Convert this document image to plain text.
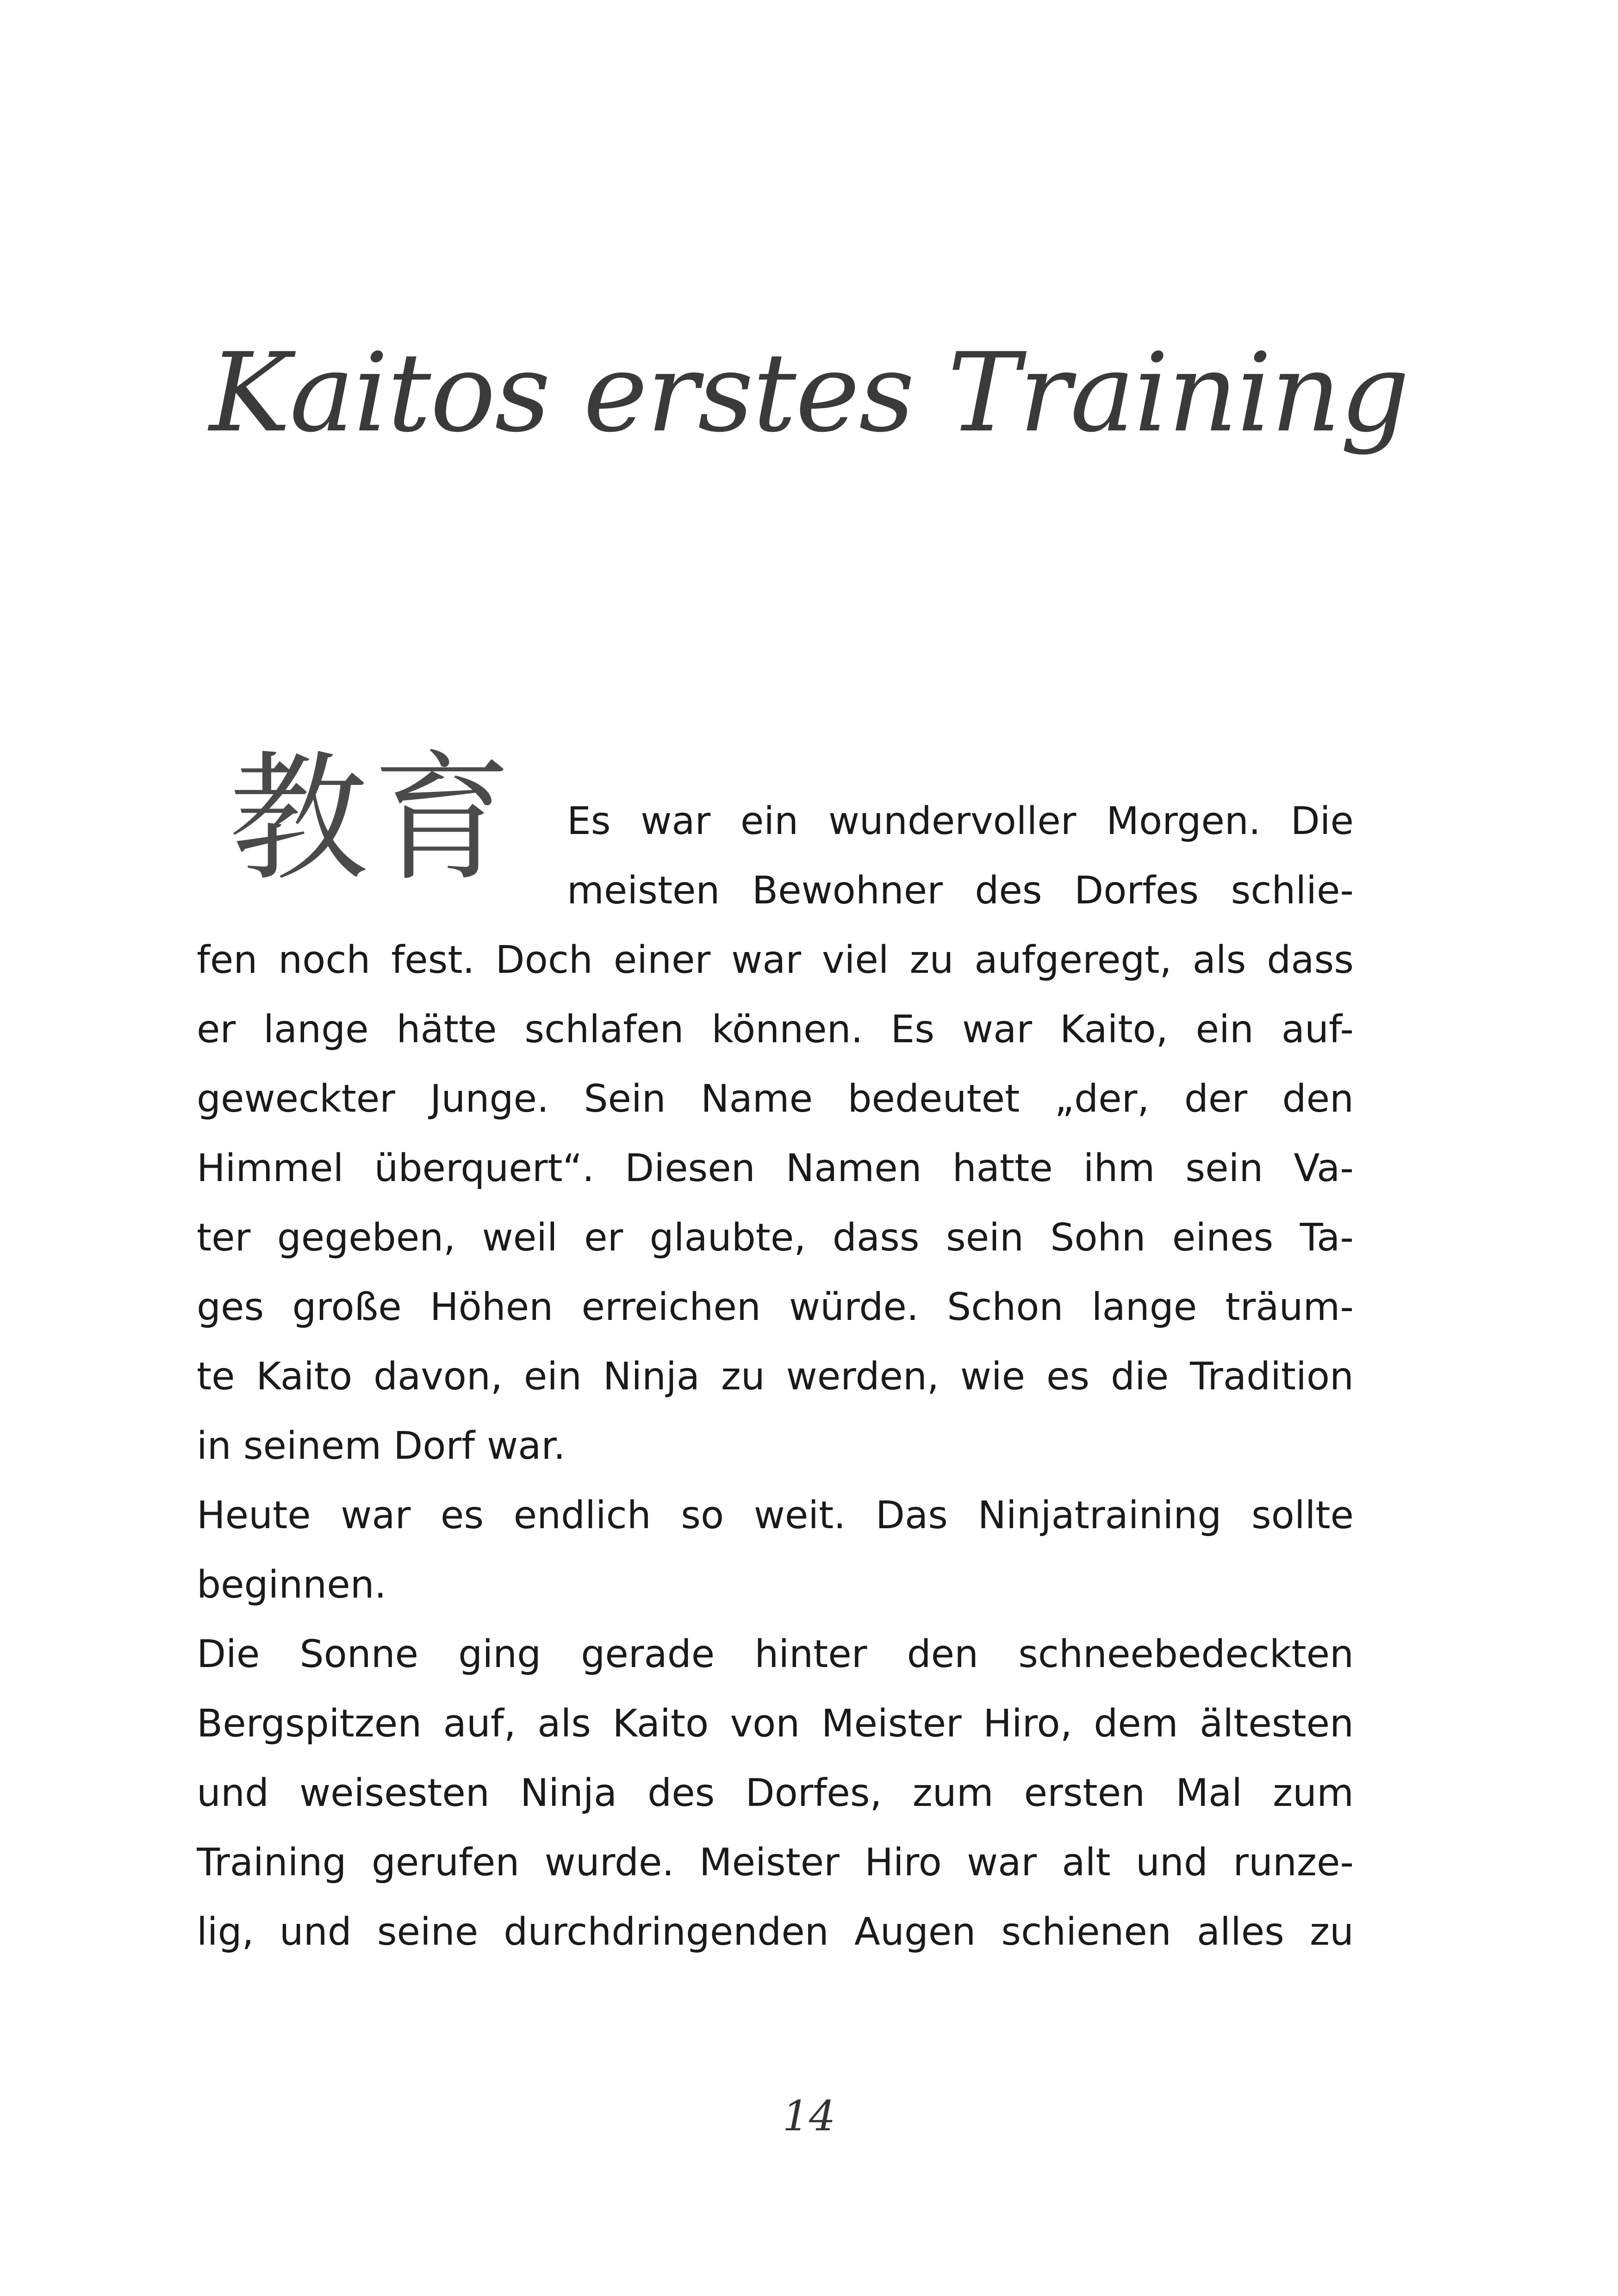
Kaitos erstes Training
教育	Es war ein wundervoller Morgen. Die
meisten Bewohner des Dorfes schlie-
fen noch fest. Doch einer war viel zu aufgeregt, als dass
er lange hätte schlafen können. Es war Kaito, ein auf-
geweckter Junge. Sein Name bedeutet „der, der den
Himmel überquert“. Diesen Namen hatte ihm sein Va-
ter gegeben, weil er glaubte, dass sein Sohn eines Ta-
ges große Höhen erreichen würde. Schon lange träum-
te Kaito davon, ein Ninja zu werden, wie es die Tradition
in seinem Dorf war.
Heute war es endlich so weit. Das Ninjatraining sollte
beginnen.
Die Sonne ging gerade hinter den schneebedeckten
Bergspitzen auf, als Kaito von Meister Hiro, dem ältesten
und weisesten Ninja des Dorfes, zum ersten Mal zum
Training gerufen wurde. Meister Hiro war alt und runze-
lig, und seine durchdringenden Augen schienen alles zu
14
